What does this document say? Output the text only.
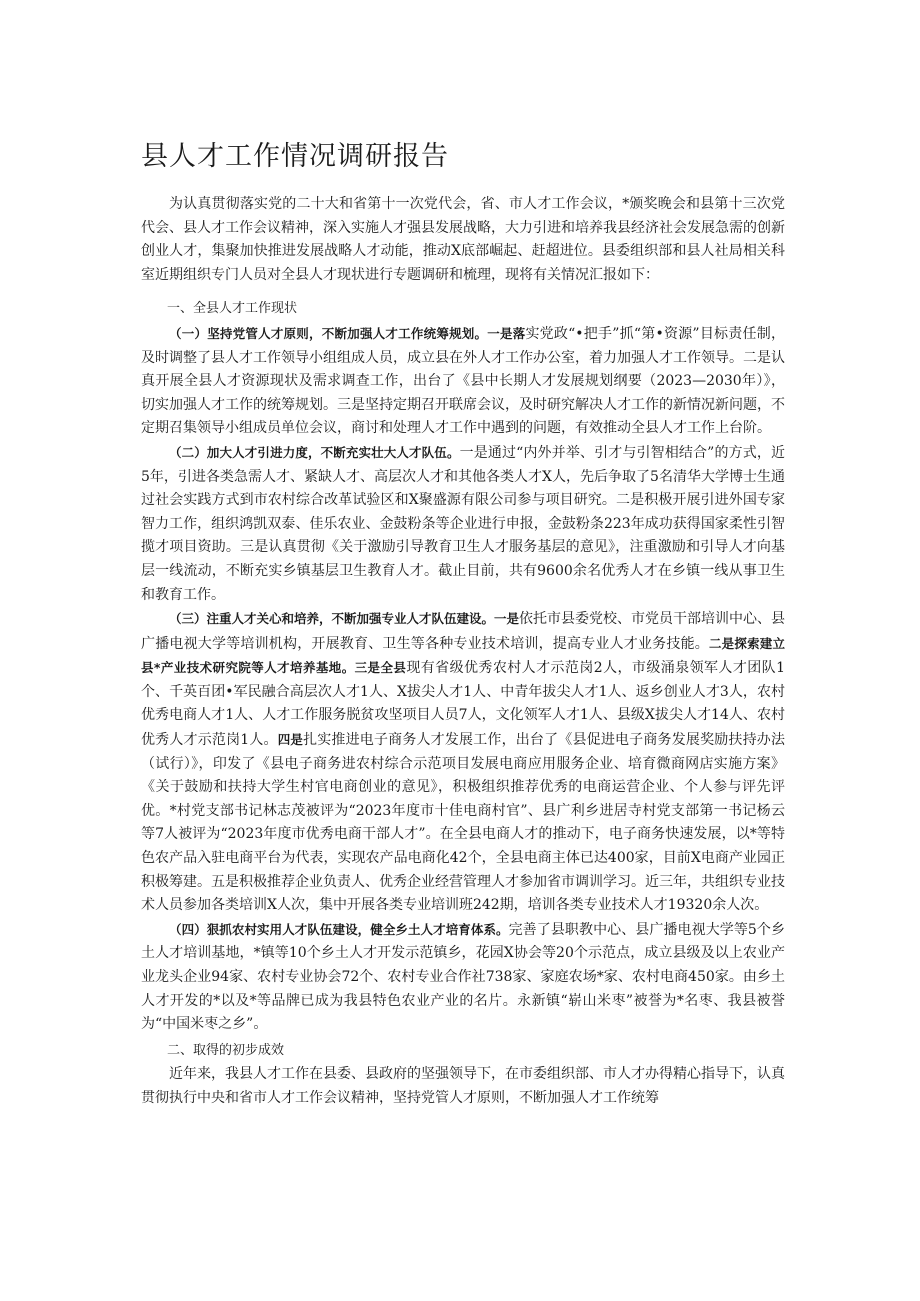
县人才工作情况调研报告

为认真贯彻落实党的二十大和省第十一次党代会，省、市人才工作会议，*颁奖晚会和县第十三次党代会、县人才工作会议精神，深入实施人才强县发展战略，大力引进和培养我县经济社会发展急需的创新创业人才，集聚加快推进发展战略人才动能，推动X底部崛起、赶超进位。县委组织部和县人社局相关科室近期组织专门人员对全县人才现状进行专题调研和梳理，现将有关情况汇报如下：

一、全县人才工作现状

（一）坚持党管人才原则，不断加强人才工作统筹规划。一是落实党政“•把手”抓“第•资源”目标责任制，及时调整了县人才工作领导小组组成人员，成立县在外人才工作办公室，着力加强人才工作领导。二是认真开展全县人才资源现状及需求调查工作，出台了《县中长期人才发展规划纲要（2023—2030年）》，切实加强人才工作的统筹规划。三是坚持定期召开联席会议，及时研究解决人才工作的新情况新问题，不定期召集领导小组成员单位会议，商讨和处理人才工作中遇到的问题，有效推动全县人才工作上台阶。

（二）加大人才引进力度，不断充实壮大人才队伍。一是通过“内外并举、引才与引智相结合”的方式，近5年，引进各类急需人才、紧缺人才、高层次人才和其他各类人才X人，先后争取了5名清华大学博士生通过社会实践方式到市农村综合改革试验区和X聚盛源有限公司参与项目研究。二是积极开展引进外国专家智力工作，组织鸿凯双泰、佳乐农业、金鼓粉条等企业进行申报，金鼓粉条223年成功获得国家柔性引智揽才项目资助。三是认真贯彻《关于激励引导教育卫生人才服务基层的意见》，注重激励和引导人才向基层一线流动，不断充实乡镇基层卫生教育人才。截止目前，共有9600余名优秀人才在乡镇一线从事卫生和教育工作。

（三）注重人才关心和培养，不断加强专业人才队伍建设。一是依托市县委党校、市党员干部培训中心、县广播电视大学等培训机构，开展教育、卫生等各种专业技术培训，提高专业人才业务技能。二是探索建立县*产业技术研究院等人才培养基地。三是全县现有省级优秀农村人才示范岗2人，市级涌泉领军人才团队1个、千英百团•军民融合高层次人才1人、X拔尖人才1人、中青年拔尖人才1人、返乡创业人才3人，农村优秀电商人才1人、人才工作服务脱贫攻坚项目人员7人，文化领军人才1人、县级X拔尖人才14人、农村优秀人才示范岗1人。四是扎实推进电子商务人才发展工作，出台了《县促进电子商务发展奖励扶持办法（试行）》，印发了《县电子商务进农村综合示范项目发展电商应用服务企业、培育微商网店实施方案》《关于鼓励和扶持大学生村官电商创业的意见》，积极组织推荐优秀的电商运营企业、个人参与评先评优。*村党支部书记林志茂被评为“2023年度市十佳电商村官”、县广利乡进居寺村党支部第一书记杨云等7人被评为“2023年度市优秀电商干部人才”。在全县电商人才的推动下，电子商务快速发展，以*等特色农产品入驻电商平台为代表，实现农产品电商化42个，全县电商主体已达400家，目前X电商产业园正积极筹建。五是积极推荐企业负责人、优秀企业经营管理人才参加省市调训学习。近三年，共组织专业技术人员参加各类培训X人次，集中开展各类专业培训班242期，培训各类专业技术人才19320余人次。

（四）狠抓农村实用人才队伍建设，健全乡土人才培育体系。完善了县职教中心、县广播电视大学等5个乡土人才培训基地，*镇等10个乡土人才开发示范镇乡，花园X协会等20个示范点，成立县级及以上农业产业龙头企业94家、农村专业协会72个、农村专业合作社738家、家庭农场*家、农村电商450家。由乡土人才开发的*以及*等品牌已成为我县特色农业产业的名片。永新镇“崭山米枣”被誉为*名枣、我县被誉为“中国米枣之乡”。

二、取得的初步成效

近年来，我县人才工作在县委、县政府的坚强领导下，在市委组织部、市人才办得精心指导下，认真贯彻执行中央和省市人才工作会议精神，坚持党管人才原则，不断加强人才工作统筹
